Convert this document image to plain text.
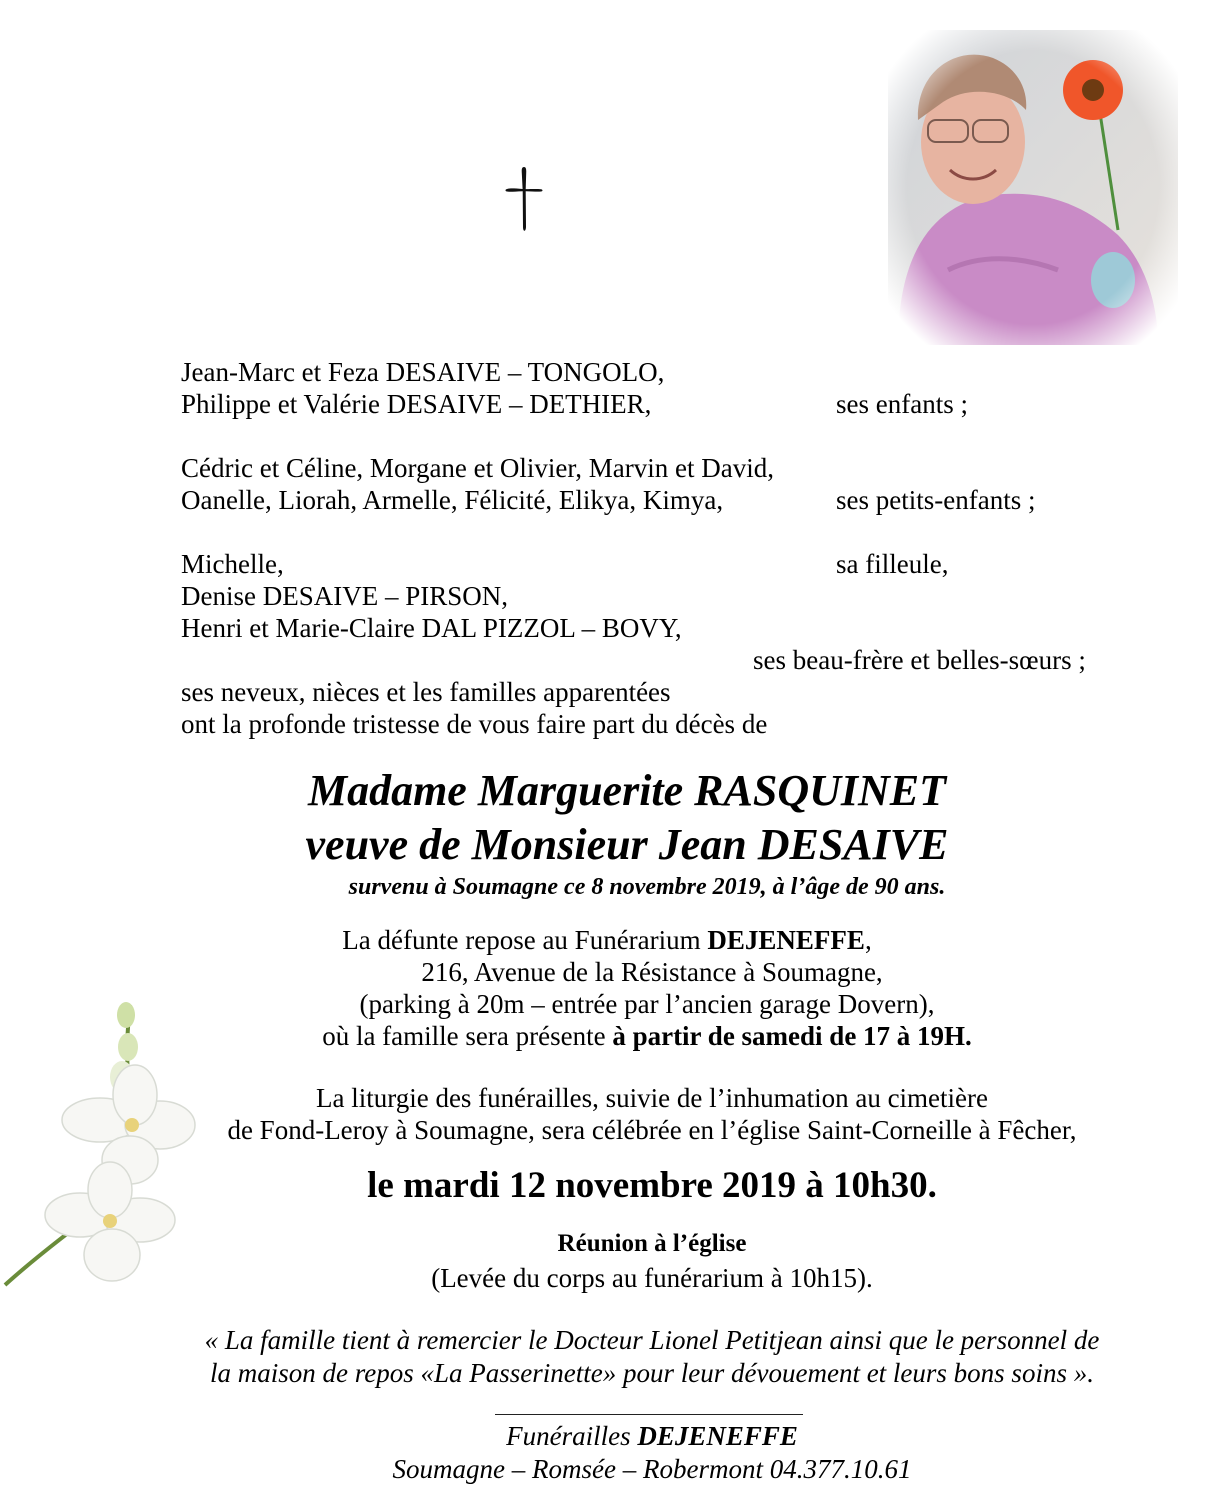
Jean-Marc et Feza DESAIVE – TONGOLO,
Philippe et Valérie DESAIVE – DETHIER,	ses enfants ;
Cédric et Céline, Morgane et Olivier, Marvin et David,
Oanelle, Liorah, Armelle, Félicité, Elikya, Kimya,	ses petits-enfants ;
Michelle,	sa filleule,
Denise DESAIVE – PIRSON,
Henri et Marie-Claire DAL PIZZOL – BOVY,
ses beau-frère et belles-sœurs ;
ses neveux, nièces et les familles apparentées
ont la profonde tristesse de vous faire part du décès de
Madame Marguerite RASQUINET
veuve de Monsieur Jean DESAIVE
survenu à Soumagne ce 8 novembre 2019, à l’âge de 90 ans.
La défunte repose au Funérarium DEJENEFFE,
216, Avenue de la Résistance à Soumagne,
(parking à 20m – entrée par l’ancien garage Dovern),
où la famille sera présente à partir de samedi de 17 à 19H.
La liturgie des funérailles, suivie de l’inhumation au cimetière
de Fond-Leroy à Soumagne, sera célébrée en l’église Saint-Corneille à Fêcher,
le mardi 12 novembre 2019 à 10h30.
Réunion à l’église
(Levée du corps au funérarium à 10h15).
« La famille tient à remercier le Docteur Lionel Petitjean ainsi que le personnel de
la maison de repos «La Passerinette» pour leur dévouement et leurs bons soins ».
Funérailles DEJENEFFE
Soumagne – Romsée – Robermont 04.377.10.61
